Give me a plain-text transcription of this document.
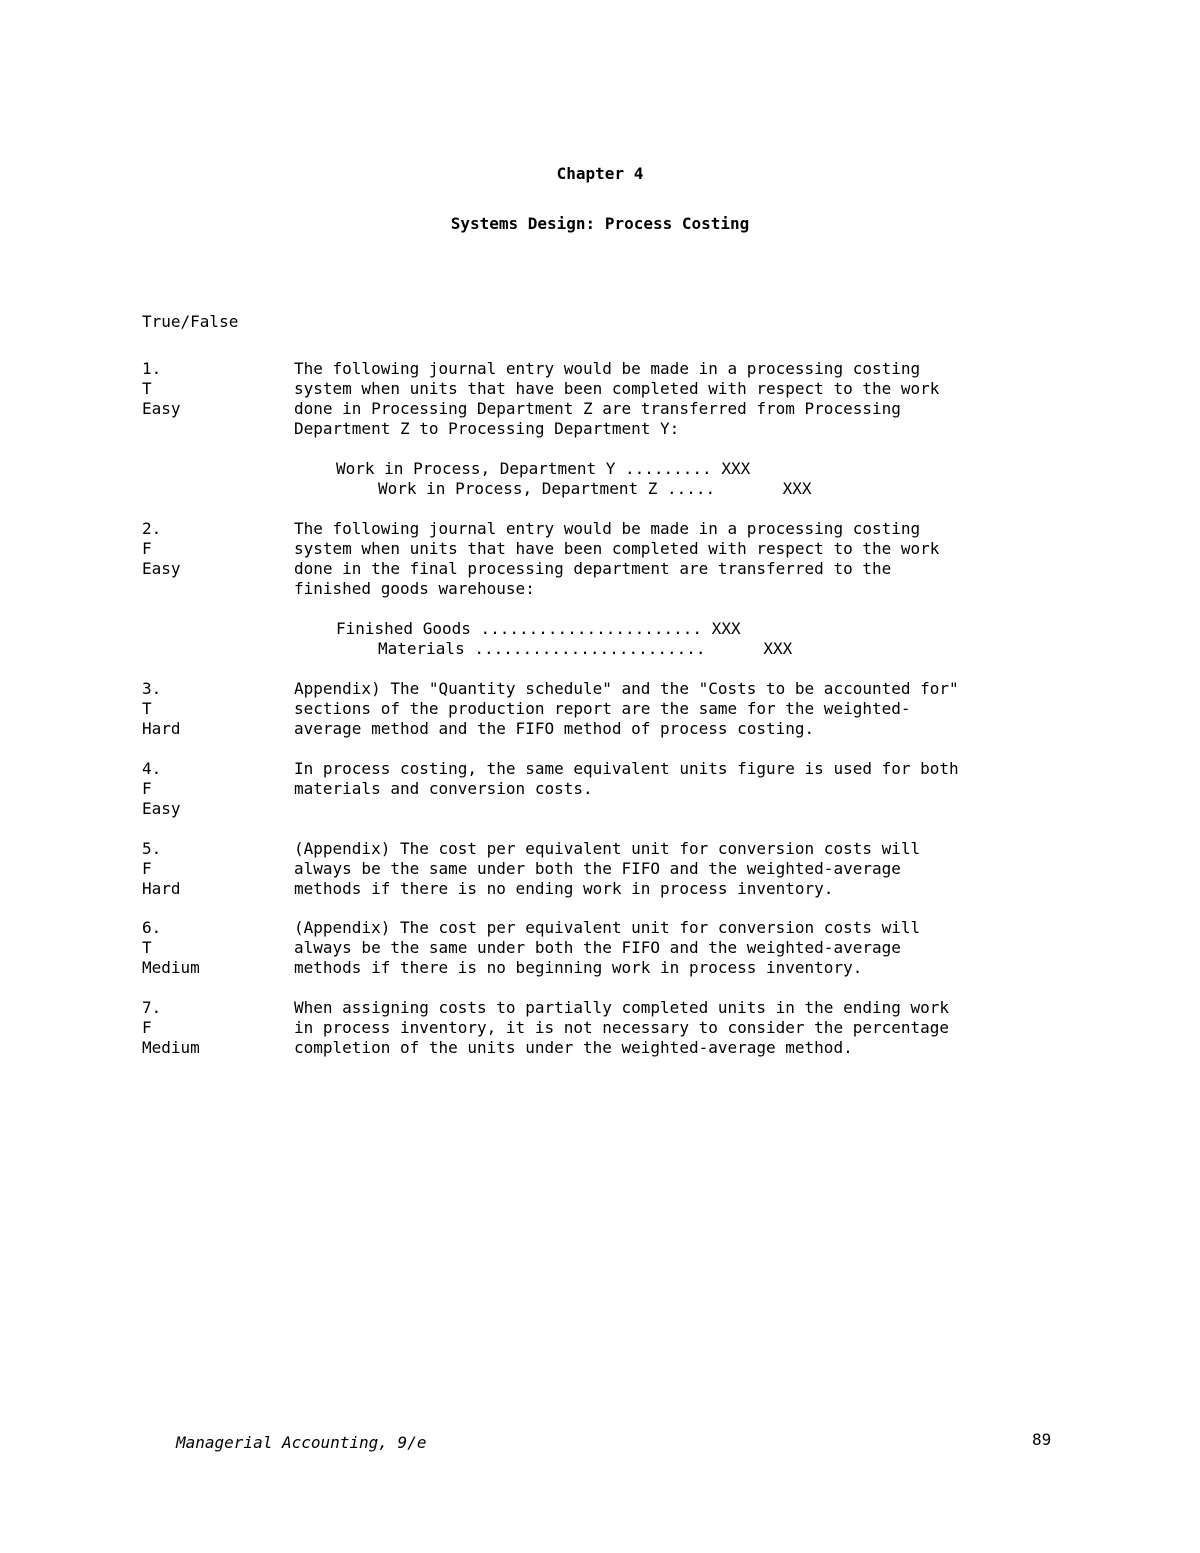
Chapter 4
Systems Design: Process Costing
True/False
1.
T
Easy
The following journal entry would be made in a processing costing
system when units that have been completed with respect to the work
done in Processing Department Z are transferred from Processing
Department Z to Processing Department Y:
Work in Process, Department Y ......... XXX
Work in Process, Department Z .....       XXX
2.
F
Easy
The following journal entry would be made in a processing costing
system when units that have been completed with respect to the work
done in the final processing department are transferred to the
finished goods warehouse:
Finished Goods ....................... XXX
Materials ........................      XXX
3.
T
Hard
Appendix) The "Quantity schedule" and the "Costs to be accounted for"
sections of the production report are the same for the weighted-
average method and the FIFO method of process costing.
4.
F
Easy
In process costing, the same equivalent units figure is used for both
materials and conversion costs.
5.
F
Hard
(Appendix) The cost per equivalent unit for conversion costs will
always be the same under both the FIFO and the weighted-average
methods if there is no ending work in process inventory.
6.
T
Medium
(Appendix) The cost per equivalent unit for conversion costs will
always be the same under both the FIFO and the weighted-average
methods if there is no beginning work in process inventory.
7.
F
Medium
When assigning costs to partially completed units in the ending work
in process inventory, it is not necessary to consider the percentage
completion of the units under the weighted-average method.
Managerial Accounting, 9/e	89
